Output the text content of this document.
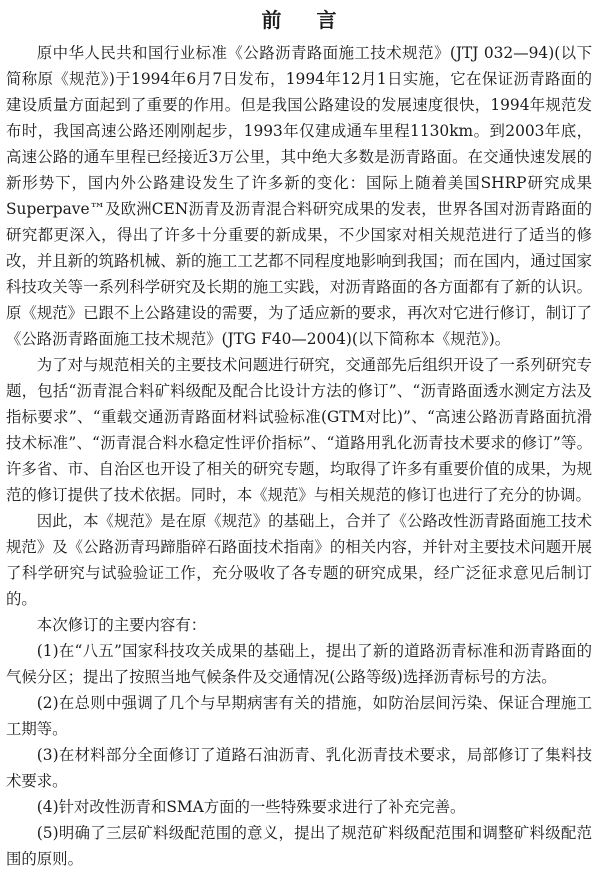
前 言

原中华人民共和国行业标准《公路沥青路面施工技术规范》(JTJ 032—94)(以下简称原《规范》)于1994年6月7日发布，1994年12月1日实施，它在保证沥青路面的建设质量方面起到了重要的作用。但是我国公路建设的发展速度很快，1994年规范发布时，我国高速公路还刚刚起步，1993年仅建成通车里程1130km。到2003年底，高速公路的通车里程已经接近3万公里，其中绝大多数是沥青路面。在交通快速发展的新形势下，国内外公路建设发生了许多新的变化：国际上随着美国SHRP研究成果Superpave™及欧洲CEN沥青及沥青混合料研究成果的发表，世界各国对沥青路面的研究都更深入，得出了许多十分重要的新成果，不少国家对相关规范进行了适当的修改，并且新的筑路机械、新的施工工艺都不同程度地影响到我国；而在国内，通过国家科技攻关等一系列科学研究及长期的施工实践，对沥青路面的各方面都有了新的认识。原《规范》已跟不上公路建设的需要，为了适应新的要求，再次对它进行修订，制订了《公路沥青路面施工技术规范》(JTG F40—2004)(以下简称本《规范》)。

为了对与规范相关的主要技术问题进行研究，交通部先后组织开设了一系列研究专题，包括“沥青混合料矿料级配及配合比设计方法的修订”、“沥青路面透水测定方法及指标要求”、“重载交通沥青路面材料试验标准(GTM对比)”、“高速公路沥青路面抗滑技术标准”、“沥青混合料水稳定性评价指标”、“道路用乳化沥青技术要求的修订”等。许多省、市、自治区也开设了相关的研究专题，均取得了许多有重要价值的成果，为规范的修订提供了技术依据。同时，本《规范》与相关规范的修订也进行了充分的协调。

因此，本《规范》是在原《规范》的基础上，合并了《公路改性沥青路面施工技术规范》及《公路沥青玛蹄脂碎石路面技术指南》的相关内容，并针对主要技术问题开展了科学研究与试验验证工作，充分吸收了各专题的研究成果，经广泛征求意见后制订的。

本次修订的主要内容有：

(1)在“八五”国家科技攻关成果的基础上，提出了新的道路沥青标准和沥青路面的气候分区；提出了按照当地气候条件及交通情况(公路等级)选择沥青标号的方法。

(2)在总则中强调了几个与早期病害有关的措施，如防治层间污染、保证合理施工工期等。

(3)在材料部分全面修订了道路石油沥青、乳化沥青技术要求，局部修订了集料技术要求。

(4)针对改性沥青和SMA方面的一些特殊要求进行了补充完善。

(5)明确了三层矿料级配范围的意义，提出了规范矿料级配范围和调整矿料级配范围的原则。
